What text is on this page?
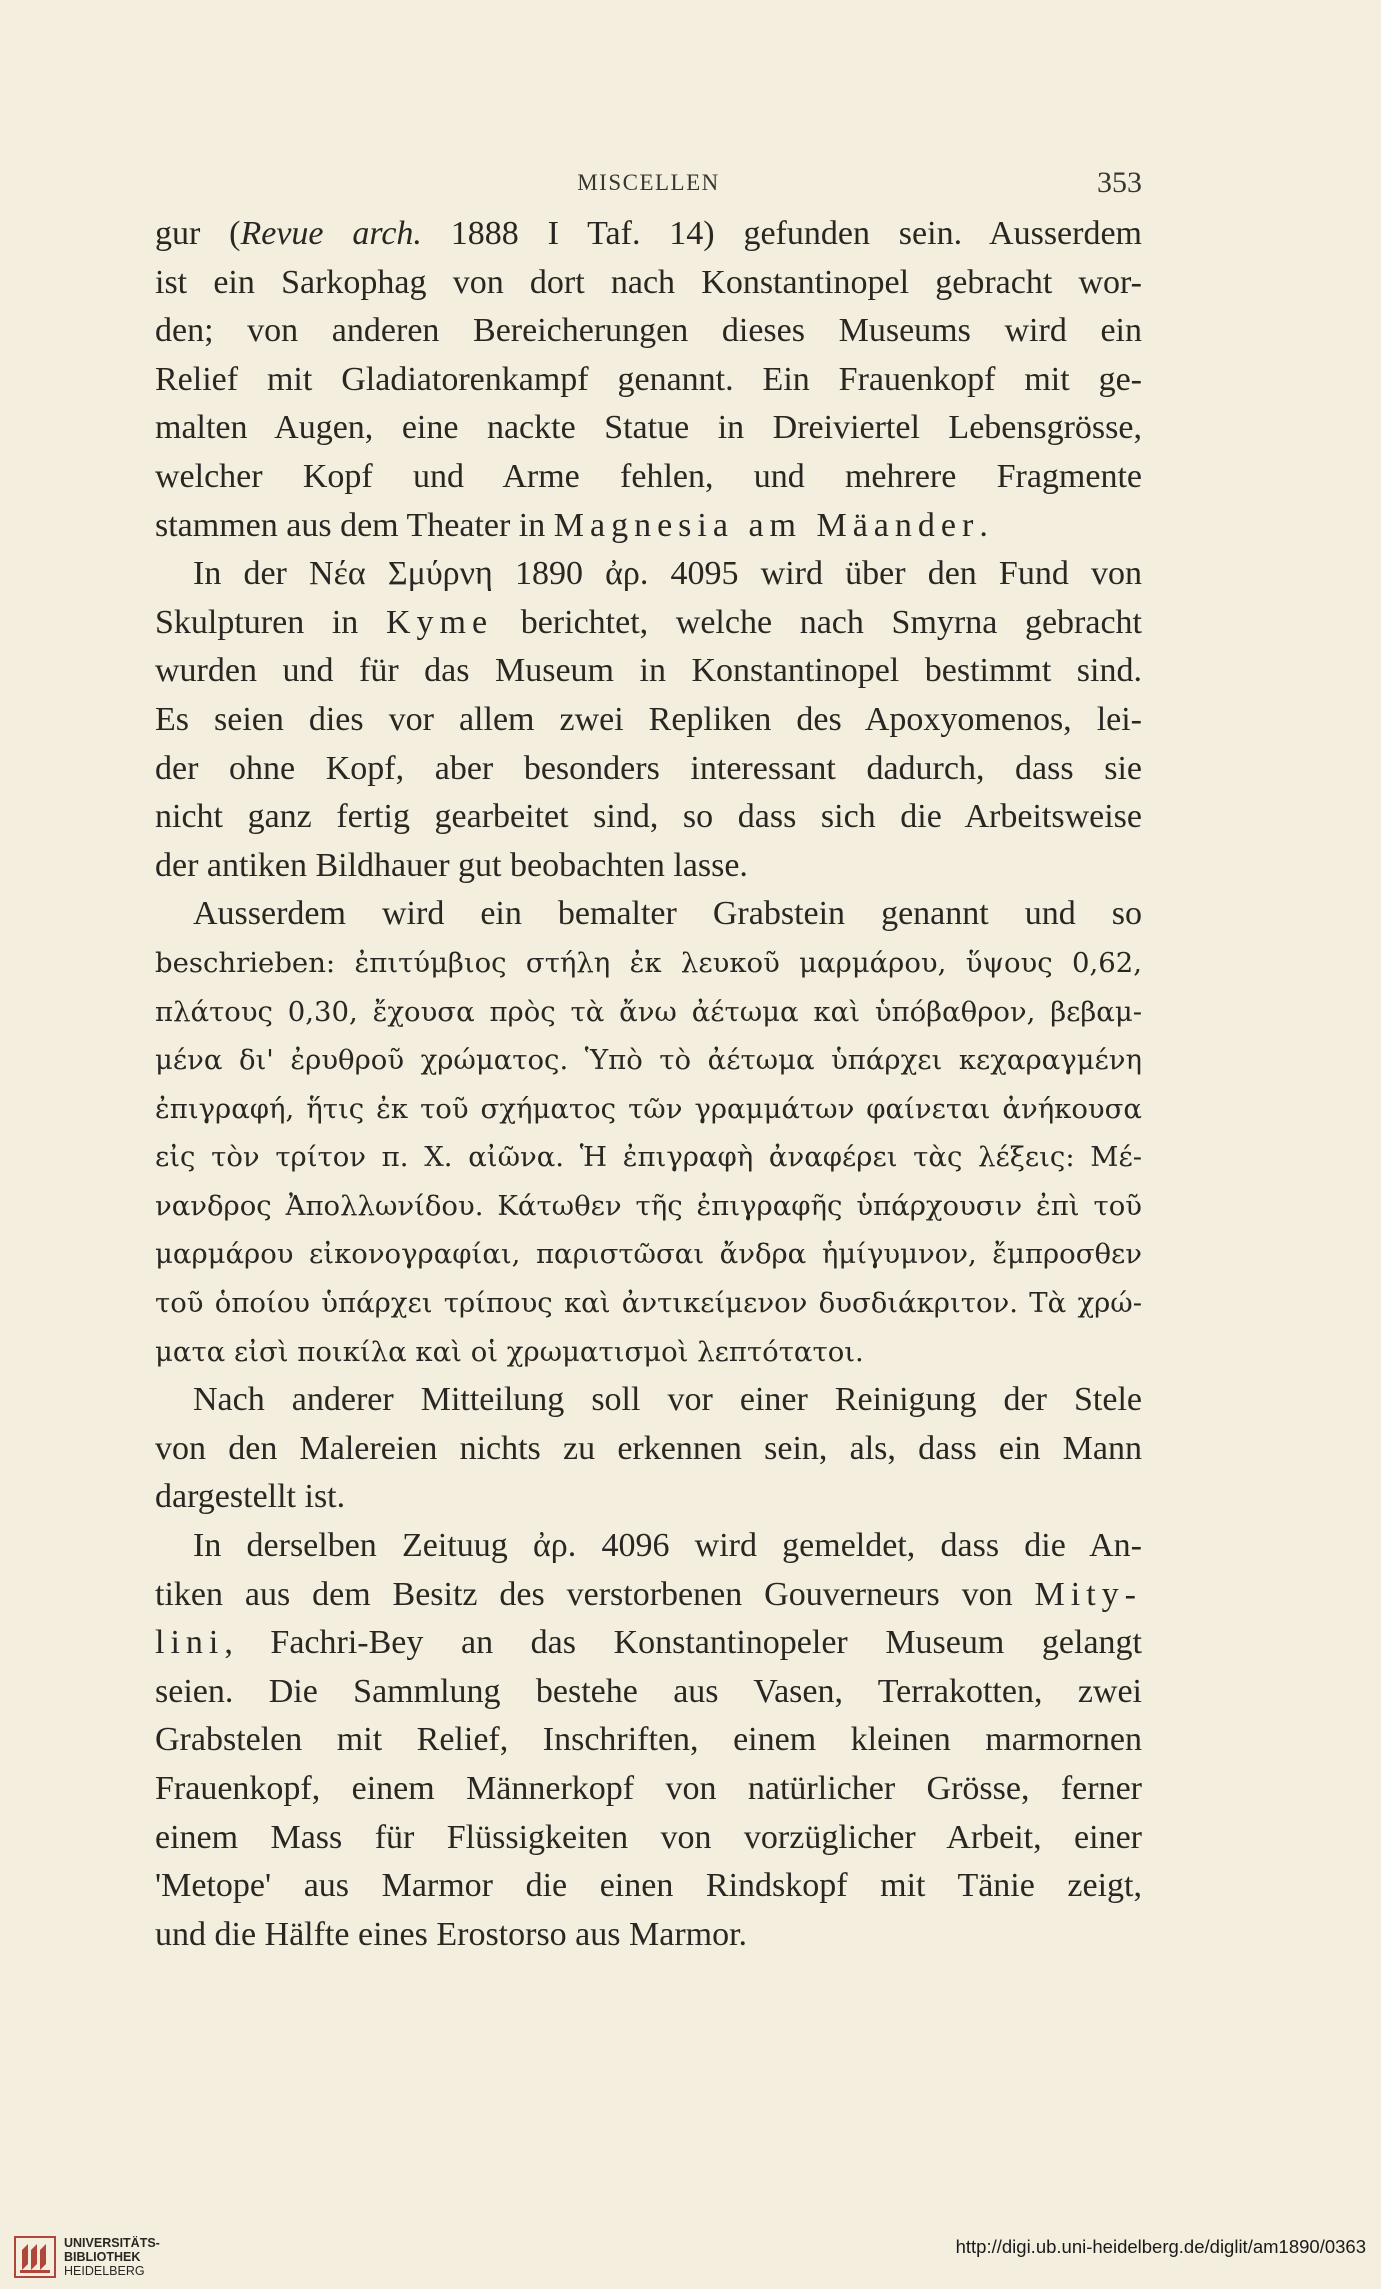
MISCELLEN	353
gur (Revue arch. 1888 I Taf. 14) gefunden sein. Ausserdem
ist ein Sarkophag von dort nach Konstantinopel gebracht wor-
den; von anderen Bereicherungen dieses Museums wird ein
Relief mit Gladiatorenkampf genannt. Ein Frauenkopf mit ge-
malten Augen, eine nackte Statue in Dreiviertel Lebensgrösse,
welcher Kopf und Arme fehlen, und mehrere Fragmente
stammen aus dem Theater in Magnesia am Mäander.
In der Νέα Σμύρνη 1890 ἀρ. 4095 wird über den Fund von
Skulpturen in Kyme berichtet, welche nach Smyrna gebracht
wurden und für das Museum in Konstantinopel bestimmt sind.
Es seien dies vor allem zwei Repliken des Apoxyomenos, lei-
der ohne Kopf, aber besonders interessant dadurch, dass sie
nicht ganz fertig gearbeitet sind, so dass sich die Arbeitsweise
der antiken Bildhauer gut beobachten lasse.
Ausserdem wird ein bemalter Grabstein genannt und so
beschrieben: ἐπιτύμβιος στήλη ἐκ λευκοῦ μαρμάρου, ὕψους 0,62,
πλάτους 0,30, ἔχουσα πρὸς τὰ ἄνω ἀέτωμα καὶ ὑπόβαθρον, βεβαμ-
μένα δι' ἐρυθροῦ χρώματος. Ὑπὸ τὸ ἀέτωμα ὑπάρχει κεχαραγμένη
ἐπιγραφή, ἥτις ἐκ τοῦ σχήματος τῶν γραμμάτων φαίνεται ἀνήκουσα
εἰς τὸν τρίτον π. Χ. αἰῶνα. Ἡ ἐπιγραφὴ ἀναφέρει τὰς λέξεις: Μέ-
νανδρος Ἀπολλωνίδου. Κάτωθεν τῆς ἐπιγραφῆς ὑπάρχουσιν ἐπὶ τοῦ
μαρμάρου εἰκονογραφίαι, παριστῶσαι ἄνδρα ἡμίγυμνον, ἔμπροσθεν
τοῦ ὁποίου ὑπάρχει τρίπους καὶ ἀντικείμενον δυσδιάκριτον. Τὰ χρώ-
ματα εἰσὶ ποικίλα καὶ οἱ χρωματισμοὶ λεπτότατοι.
Nach anderer Mitteilung soll vor einer Reinigung der Stele
von den Malereien nichts zu erkennen sein, als, dass ein Mann
dargestellt ist.
In derselben Zeituug ἀρ. 4096 wird gemeldet, dass die An-
tiken aus dem Besitz des verstorbenen Gouverneurs von Mity-
lini, Fachri-Bey an das Konstantinopeler Museum gelangt
seien. Die Sammlung bestehe aus Vasen, Terrakotten, zwei
Grabstelen mit Relief, Inschriften, einem kleinen marmornen
Frauenkopf, einem Männerkopf von natürlicher Grösse, ferner
einem Mass für Flüssigkeiten von vorzüglicher Arbeit, einer
'Metope' aus Marmor die einen Rindskopf mit Tänie zeigt,
und die Hälfte eines Erostorso aus Marmor.
UNIVERSITÄTS-
BIBLIOTHEK
HEIDELBERG
http://digi.ub.uni-heidelberg.de/diglit/am1890/0363
